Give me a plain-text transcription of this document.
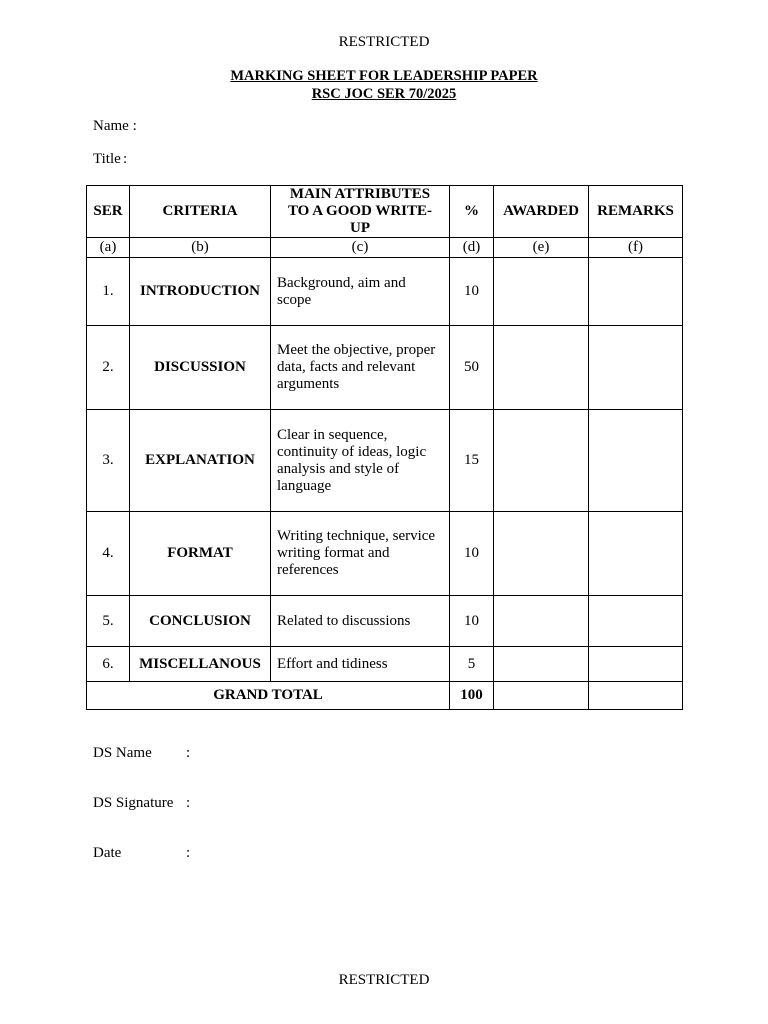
RESTRICTED
MARKING SHEET FOR LEADERSHIP PAPER
RSC JOC SER 70/2025
Name :
Title :
SER	CRITERIA	MAIN ATTRIBUTES TO A GOOD WRITE-UP	%	AWARDED	REMARKS
(a)	(b)	(c)	(d)	(e)	(f)
1.	INTRODUCTION	Background, aim and scope	10		
2.	DISCUSSION	Meet the objective, proper data, facts and relevant arguments	50		
3.	EXPLANATION	Clear in sequence, continuity of ideas, logic analysis and style of language	15		
4.	FORMAT	Writing technique, service writing format and references	10		
5.	CONCLUSION	Related to discussions	10		
6.	MISCELLANOUS	Effort and tidiness	5		
GRAND TOTAL			100		
DS Name :
DS Signature :
Date	:
RESTRICTED
